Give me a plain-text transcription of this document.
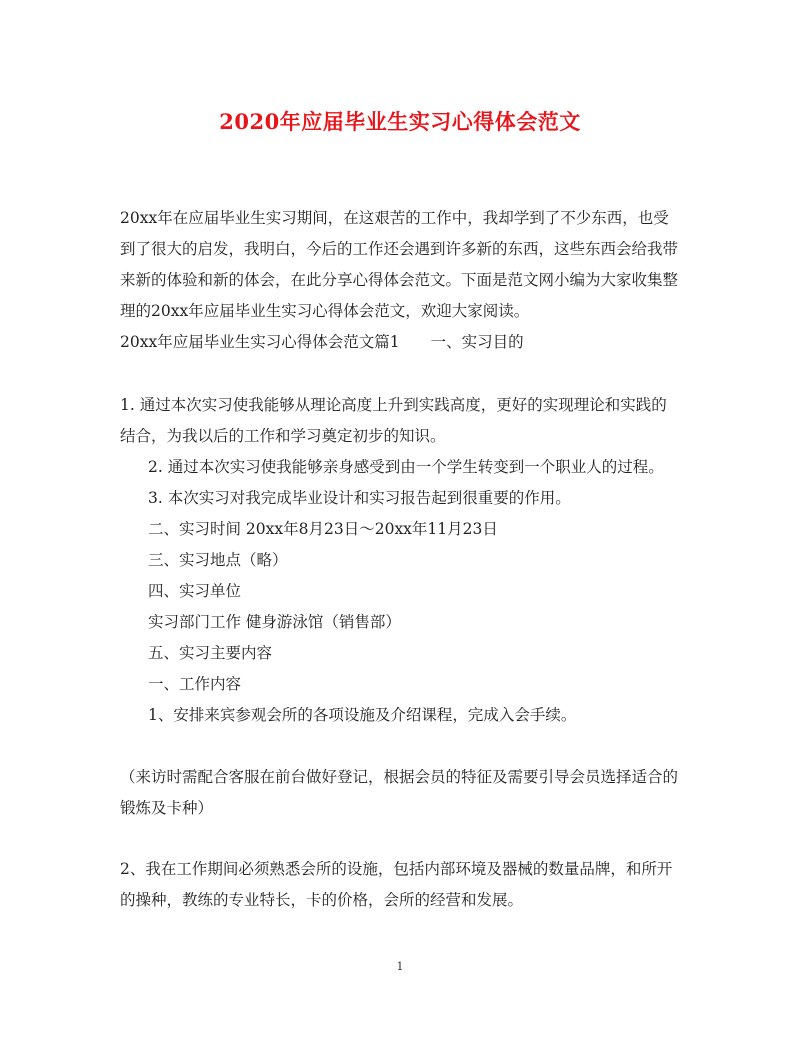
2020年应届毕业生实习心得体会范文

20xx年在应届毕业生实习期间，在这艰苦的工作中，我却学到了不少东西，也受到了很大的启发，我明白，今后的工作还会遇到许多新的东西，这些东西会给我带来新的体验和新的体会，在此分享心得体会范文。下面是范文网小编为大家收集整理的20xx年应届毕业生实习心得体会范文，欢迎大家阅读。

20xx年应届毕业生实习心得体会范文篇1　　一、实习目的

1. 通过本次实习使我能够从理论高度上升到实践高度，更好的实现理论和实践的结合，为我以后的工作和学习奠定初步的知识。

2. 通过本次实习使我能够亲身感受到由一个学生转变到一个职业人的过程。

3. 本次实习对我完成毕业设计和实习报告起到很重要的作用。

二、实习时间 20xx年8月23日～20xx年11月23日

三、实习地点（略）

四、实习单位

实习部门工作 健身游泳馆（销售部）

五、实习主要内容

一、工作内容

1、安排来宾参观会所的各项设施及介绍课程，完成入会手续。

（来访时需配合客服在前台做好登记，根据会员的特征及需要引导会员选择适合的锻炼及卡种）

2、我在工作期间必须熟悉会所的设施，包括内部环境及器械的数量品牌，和所开的操种，教练的专业特长，卡的价格，会所的经营和发展。

1
